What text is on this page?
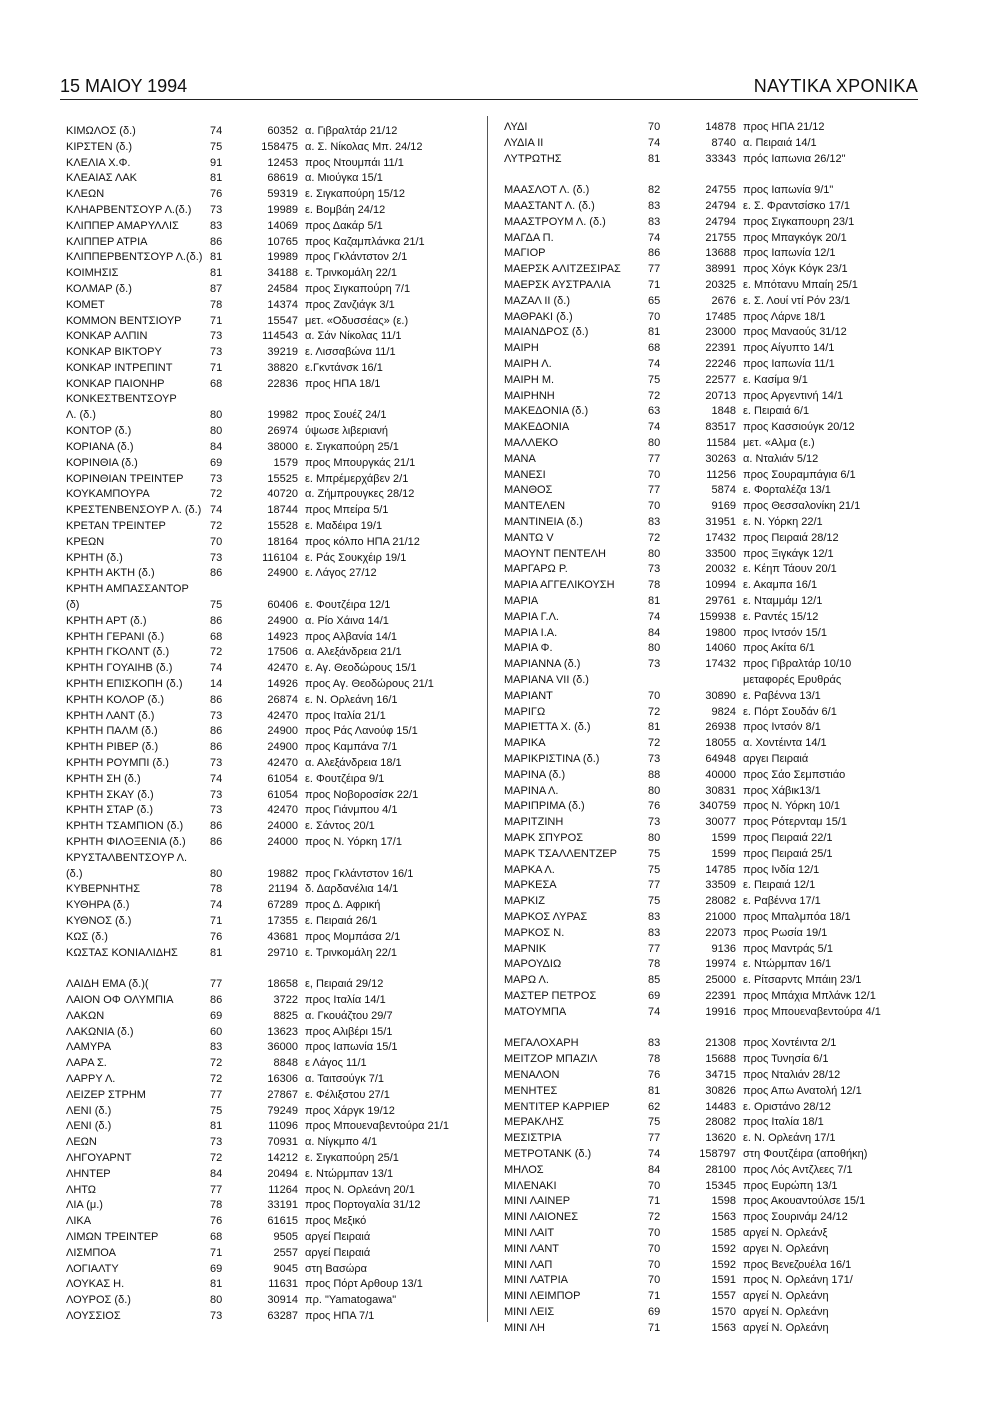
15 ΜΑΙΟΥ 1994	ΝΑΥΤΙΚΑ ΧΡΟΝΙΚΑ
ΚΙΜΩΛΟΣ (δ.)	74	60352 α. Γιβραλτάρ 21/12
ΚΙΡΣΤΕΝ (δ.)	75	158475 α. Σ. Νίκολας Μπ. 24/12
ΚΛΕΛΙΑ Χ.Φ.	91	12453 προς Ντουμπάι 11/1
ΚΛΕΑΙΑΣ ΛΑΚ	81	68619 α. Μιούγκα 15/1
ΚΛΕΩΝ	76	59319 ε. Σιγκαπούρη 15/12
ΚΛΗΑΡΒΕΝΤΣΟΥΡ Λ.(δ.) 73	19989 ε. Βομβάη 24/12
ΚΛΙΠΠΕΡ ΑΜΑΡΥΛΛΙΣ	83	14069 προς Δακάρ 5/1
ΚΛΙΠΠΕΡ ΑΤΡΙΑ	86	10765 προς Καζαμπλάνκα 21/1
ΚΛΙΠΠΕΡΒΕΝΤΣΟΥΡ Λ.(δ.) 81	19989 προς Γκλάντστον 2/1
ΚΟΙΜΗΣΙΣ	81	34188 ε. Τρινκομάλη 22/1
ΚΟΛΜΑΡ (δ.)	87	24584 προς Σιγκαπούρη 7/1
ΚΟΜΕΤ	78	14374 προς Ζανζιάγκ 3/1
ΚΟΜΜΟΝ ΒΕΝΤΣΙΟΥΡ	71	15547 μετ. «Οδυσσέας» (ε.)
ΚΟΝΚΑΡ ΑΛΠΙΝ	73	114543 α. Σάν Νίκολας 11/1
ΚΟΝΚΑΡ ΒΙΚΤΟΡΥ	73	39219 ε. Λισσαβώνα 11/1
ΚΟΝΚΑΡ ΙΝΤΡΕΠΙΝΤ	71	38820 ε.Γκντάνσκ 16/1
ΚΟΝΚΑΡ ΠΑΙΟΝΗΡ	68	22836 προς ΗΠΑ 18/1
ΚΟΝΚΕΣΤΒΕΝΤΣΟΥΡ
Λ. (δ.)	80	19982 προς Σουέζ 24/1
ΚΟΝΤΟΡ (δ.)	80	26974 ύψωσε λιβεριανή
ΚΟΡΙΑΝΑ (δ.)	84	38000 ε. Σιγκαπούρη 25/1
ΚΟΡΙΝΘΙΑ (δ.)	69	1579 προς Μπουργκάς 21/1
ΚΟΡΙΝΘΙΑΝ ΤΡΕΙΝΤΕΡ 73	15525 ε. Μπρέμερχάβεν 2/1
ΚΟΥΚΑΜΠΟΥΡΑ	72	40720 α. Ζήμπρουγκες 28/12
ΚΡΕΣΤΕΝΒΕΝΣΟΥΡ Λ. (δ.) 74	18744 προς Μπείρα 5/1
ΚΡΕΤΑΝ ΤΡΕΙΝΤΕΡ	72	15528 ε. Μαδέιρα 19/1
ΚΡΕΩΝ	70	18164 προς κόλπο ΗΠΑ 21/12
ΚΡΗΤΗ (δ.)	73	116104 ε. Ράς Σουκχέιρ 19/1
ΚΡΗΤΗ ΑΚΤΗ (δ.)	86	24900 ε. Λάγος 27/12
ΚΡΗΤΗ ΑΜΠΑΣΣΑΝΤΟΡ
(δ)	75	60406 ε. Φουτζέιρα 12/1
ΚΡΗΤΗ ΑΡΤ (δ.)	86	24900 α. Ρίο Χάινα 14/1
ΚΡΗΤΗ ΓΕΡΑΝΙ (δ.)	68	14923 προς Αλβανία 14/1
ΚΡΗΤΗ ΓΚΟΛΝΤ (δ.)	72	17506 α. Αλεξάνδρεια 21/1
ΚΡΗΤΗ ΓΟΥΑΙΗΒ (δ.)	74	42470 ε. Αγ. Θεοδώρους 15/1
ΚΡΗΤΗ ΕΠΙΣΚΟΠΗ (δ.)	14	14926 προς Αγ. Θεοδώρους 21/1
ΚΡΗΤΗ ΚΟΛΟΡ (δ.)	86	26874 ε. Ν. Ορλεάνη 16/1
ΚΡΗΤΗ ΛΑΝΤ (δ.)	73	42470 προς Ιταλία 21/1
ΚΡΗΤΗ ΠΑΛΜ (δ.)	86	24900 προς Ράς Λανούφ 15/1
ΚΡΗΤΗ ΡΙΒΕΡ (δ.)	86	24900 προς Καμπάνα 7/1
ΚΡΗΤΗ ΡΟΥΜΠΙ (δ.)	73	42470 α. Αλεξάνδρεια 18/1
ΚΡΗΤΗ ΣΗ (δ.)	74	61054 ε. Φουτζέιρα 9/1
ΚΡΗΤΗ ΣΚΑΥ (δ.)	73	61054 προς Νοβοροσίσκ 22/1
ΚΡΗΤΗ ΣΤΑΡ (δ.)	73	42470 προς Γιάνμπου 4/1
ΚΡΗΤΗ ΤΣΑΜΠΙΟΝ (δ.) 86	24000 ε. Σάντος 20/1
ΚΡΗΤΗ ΦΙΛΟΞΕΝΙΑ (δ.) 86	24000 προς Ν. Υόρκη 17/1
ΚΡΥΣΤΑΛΒΕΝΤΣΟΥΡ Λ.
(δ.)	80	19882 προς Γκλάντστον 16/1
ΚΥΒΕΡΝΗΤΗΣ	78	21194 δ. Δαρδανέλια 14/1
ΚΥΘΗΡΑ (δ.)	74	67289 προς Δ. Αφρική
ΚΥΘΝΟΣ (δ.)	71	17355 ε. Πειραιά 26/1
ΚΩΣ (δ.)	76	43681 προς Μομπάσα 2/1
ΚΩΣΤΑΣ ΚΟΝΙΑΛΙΔΗΣ	81	29710 ε. Τρινκομάλη 22/1
ΛΑΙΔΗ ΕΜΑ (δ.)(	77	18658 ε, Πειραιά 29/12
ΛΑΙΟΝ ΟΦ ΟΛΥΜΠΙΑ	86	3722 προς Ιταλία 14/1
ΛΑΚΩΝ	69	8825 α. Γκουάζτου 29/7
ΛΑΚΩΝΙΑ (δ.)	60	13623 προς Αλιβέρι 15/1
ΛΑΜΥΡΑ	83	36000 προς Ιαπωνία 15/1
ΛΑΡΑ Σ.	72	8848 ε Λάγος 11/1
ΛΑΡΡΥ Λ.	72	16306 α. Ταιτσούγκ 7/1
ΛΕΙΖΕΡ ΣΤΡΗΜ	77	27867 ε. Φέλιξστου 27/1
ΛΕΝΙ (δ.)	75	79249 προς Χάργκ 19/12
ΛΕΝΙ (δ.)	81	11096 προς Μπουεναβεντούρα 21/1
ΛΕΩΝ	73	70931 α. Νίγκμπο 4/1
ΛΗΓΟΥΑΡΝΤ	72	14212 ε. Σιγκαπούρη 25/1
ΛΗΝΤΕΡ	84	20494 ε. Ντώρμπαν 13/1
ΛΗΤΩ	77	11264 προς Ν. Ορλεάνη 20/1
ΛΙΑ (μ.)	78	33191 προς Πορτογαλία 31/12
ΛΙΚΑ	76	61615 προς Μεξικό
ΛΙΜΩΝ ΤΡΕΙΝΤΕΡ	68	9505 αργεί Πειραιά
ΛΙΣΜΠΟΑ	71	2557 αργεί Πειραιά
ΛΟΓΙΑΛΤΥ	69	9045 στη Βασώρα
ΛΟΥΚΑΣ Η.	81	11631 προς Πόρτ Αρθουρ 13/1
ΛΟΥΡΟΣ (δ.)	80	30914 πρ. "Yamatogawa"
ΛΟΥΣΣΙΟΣ	73	63287 προς ΗΠΑ 7/1
ΛΥΔΙ	70	14878 προς ΗΠΑ 21/12
ΛΥΔΙΑ ΙΙ	74	8740 α. Πειραιά 14/1
ΛΥΤΡΩΤΗΣ	81	33343 πρός Ιαπωνια 26/12"
ΜΑΑΣΛΟΤ Λ. (δ.)	82	24755 προς Ιαπωνία 9/1"
ΜΑΑΣΤΑΝΤ Λ. (δ.)	83	24794 ε. Σ. Φραντσίσκο 17/1
ΜΑΑΣΤΡΟΥΜ Λ. (δ.)	83	24794 προς Σιγκαπουρη 23/1
ΜΑΓΔΑ Π.	74	21755 προς Μπαγκόγκ 20/1
ΜΑΓΙΟΡ	86	13688 προς Ιαπωνία 12/1
ΜΑΕΡΣΚ ΑΛΙΤΖΕΣΙΡΑΣ 77	38991 προς Χόγκ Κόγκ 23/1
ΜΑΕΡΣΚ ΑΥΣΤΡΑΛΙΑ	71	20325 ε. Μπότανυ Μπαίη 25/1
ΜΑΖΑΛ ΙΙ (δ.)	65	2676 ε. Σ. Λουί ντί Ρόν 23/1
ΜΑΘΡΑΚΙ (δ.)	70	17485 προς Λάρνε 18/1
ΜΑΙΑΝΔΡΟΣ (δ.)	81	23000 προς Μαναούς 31/12
ΜΑΙΡΗ	68	22391 προς Αίγυπτο 14/1
ΜΑΙΡΗ Λ.	74	22246 προς Ιαπωνία 11/1
ΜΑΙΡΗ Μ.	75	22577 ε. Κασίμα 9/1
ΜΑΙΡΗΝΗ	72	20713 προς Αργεντινή 14/1
ΜΑΚΕΔΟΝΙΑ (δ.)	63	1848 ε. Πειραιά 6/1
ΜΑΚΕΔΟΝΙΑ	74	83517 προς Κασσιούγκ 20/12
ΜΑΛΛΕΚΟ	80	11584 μετ. «Αλμα (ε.)
ΜΑΝΑ	77	30263 α. Νταλιάν 5/12
ΜΑΝΕΣΙ	70	11256 προς Σουραμπάγια 6/1
ΜΑΝΘΟΣ	77	5874 ε. Φορταλέζα 13/1
ΜΑΝΤΕΛΕΝ	70	9169 προς Θεσσαλονίκη 21/1
ΜΑΝΤΙΝΕΙΑ (δ.)	83	31951 ε. Ν. Υόρκη 22/1
ΜΑΝΤΩ V	72	17432 προς Πειραιά 28/12
ΜΑΟΥΝΤ ΠΕΝΤΕΛΗ	80	33500 προς Ξιγκάγκ 12/1
ΜΑΡΓΑΡΩ Ρ.	73	20032 ε. Κέηπ Τάουν 20/1
ΜΑΡΙΑ ΑΓΓΕΛΙΚΟΥΣΗ	78	10994 ε. Ακαμπα 16/1
ΜΑΡΙΑ	81	29761 ε. Νταμμάμ 12/1
ΜΑΡΙΑ Γ.Λ.	74	159938 ε. Ραντές 15/12
ΜΑΡΙΑ Ι.Α.	84	19800 προς Ιντσόν 15/1
ΜΑΡΙΑ Φ.	80	14060 προς Ακίτα 6/1
ΜΑΡΙΑΝΝΑ (δ.)	73	17432 προς Γιβραλτάρ 10/10
ΜΑΡΙΑΝΑ VII (δ.)	μεταφορές Ερυθράς
ΜΑΡΙΑΝΤ	70	30890 ε. Ραβέννα 13/1
ΜΑΡΙΓΩ	72	9824 ε. Πόρτ Σουδάν 6/1
ΜΑΡΙΕΤΤΑ Χ. (δ.)	81	26938 προς Ιντσόν 8/1
ΜΑΡΙΚΑ	72	18055 α. Χοντέιντα 14/1
ΜΑΡΙΚΡΙΣΤΙΝΑ (δ.)	73	64948 αργει Πειραιά
ΜΑΡΙΝΑ (δ.)	88	40000 προς Σάο Σεμπστιάο
ΜΑΡΙΝΑ Λ.	80	30831 προς Χάβικ13/1
ΜΑΡΙΠΡΙΜΑ (δ.)	76	340759 προς Ν. Υόρκη 10/1
ΜΑΡΙΤΖΙΝΗ	73	30077 προς Ρότερνταμ 15/1
ΜΑΡΚ ΣΠΥΡΟΣ	80	1599 προς Πειραιά 22/1
ΜΑΡΚ ΤΣΑΛΛΕΝΤΖΕΡ	75	1599 προς Πειραιά 25/1
ΜΑΡΚΑ Λ.	75	14785 προς Ινδία 12/1
ΜΑΡΚΕΣΑ	77	33509 ε. Πειραιά 12/1
ΜΑΡΚΙΖ	75	28082 ε. Ραβέννα 17/1
ΜΑΡΚΟΣ ΛΥΡΑΣ	83	21000 προς Μπαλμπόα 18/1
ΜΑΡΚΟΣ Ν.	83	22073 προς Ρωσία 19/1
ΜΑΡΝΙΚ	77	9136 προς Μαντράς 5/1
ΜΑΡΟΥΔΙΩ	78	19974 ε. Ντώρμπαν 16/1
ΜΑΡΩ Λ.	85	25000 ε. Ρίτσαρντς Μπάιη 23/1
ΜΑΣΤΕΡ ΠΕΤΡΟΣ	69	22391 προς Μπάχια Μπλάνκ 12/1
ΜΑΤΟΥΜΠΑ	74	19916 προς Μπουεναβεντούρα 4/1
ΜΕΓΑΛΟΧΑΡΗ	83	21308 προς Χοντέιντα 2/1
ΜΕΙΤΖΟΡ ΜΠΑΖΙΛ	78	15688 προς Τυνησία 6/1
ΜΕΝΑΛΟΝ	76	34715 προς Νταλιάν 28/12
ΜΕΝΗΤΕΣ	81	30826 προς Απω Ανατολή 12/1
ΜΕΝΤΙΤΕΡ ΚΑΡΡΙΕΡ	62	14483 ε. Οριστάνο 28/12
ΜΕΡΑΚΛΗΣ	75	28082 προς Ιταλία 18/1
ΜΕΣΙΣΤΡΙΑ	77	13620 ε. Ν. Ορλεάνη 17/1
ΜΕΤΡΟΤΑΝΚ (δ.)	74	158797 στη Φουτζέιρα (αποθήκη)
ΜΗΛΟΣ	84	28100 προς Λός Αντζλεες 7/1
ΜΙΛΕΝΑΚΙ	70	15345 προς Ευρώπη 13/1
ΜΙΝΙ ΛΑΙΝΕΡ	71	1598 προς Ακουαντούλσε 15/1
ΜΙΝΙ ΛΑΙΟΝΕΣ	72	1563 προς Σουρινάμ 24/12
ΜΙΝΙ ΛΑΙΤ	70	1585 αργεί Ν. Ορλεάνξ
ΜΙΝΙ ΛΑΝΤ	70	1592 αργει Ν. Ορλεάνη
ΜΙΝΙ ΛΑΠ	70	1592 προς Βενεζουέλα 16/1
ΜΙΝΙ ΛΑΤΡΙΑ	70	1591 προς Ν. Ορλεάνη 171/
ΜΙΝΙ ΛΕΙΜΠΟΡ	71	1557 αργεί Ν. Ορλεάνη
ΜΙΝΙ ΛΕΙΣ	69	1570 αργεί Ν. Ορλεάνη
ΜΙΝΙ ΛΗ	71	1563 αργεί Ν. Ορλεάνη
